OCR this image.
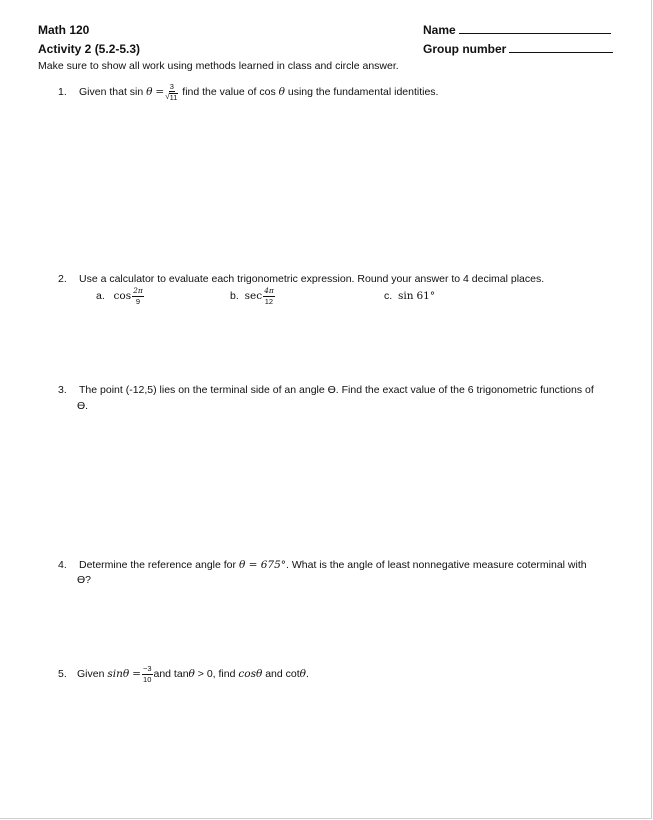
Math 120
Activity 2 (5.2-5.3)
Make sure to show all work using methods learned in class and circle answer.
Name
Group number
1. Given that sin
θ
= $\frac{3}{√ 11}$
find the value of cos
θ
using the fundamental identities.
2. Use a calculator to evaluate each trigonometric expression. Round your answer to 4 decimal places.
a.
$\cos \frac{2\pi}{9}$	b.
$\sec \frac{4\pi}{12}$	c. sin 61°
3. The point (-12,5) lies on the terminal side of an angle ϴ. Find the exact value of the 6 trigonometric functions of
ϴ.
4. Determine the reference angle for θ = 675°. What is the angle of least nonnegative measure coterminal with
ϴ?
5. Given
sinθ
= $\frac{-3}{10}$ and tan θ
> 0, find
cosθ
and cot θ .
